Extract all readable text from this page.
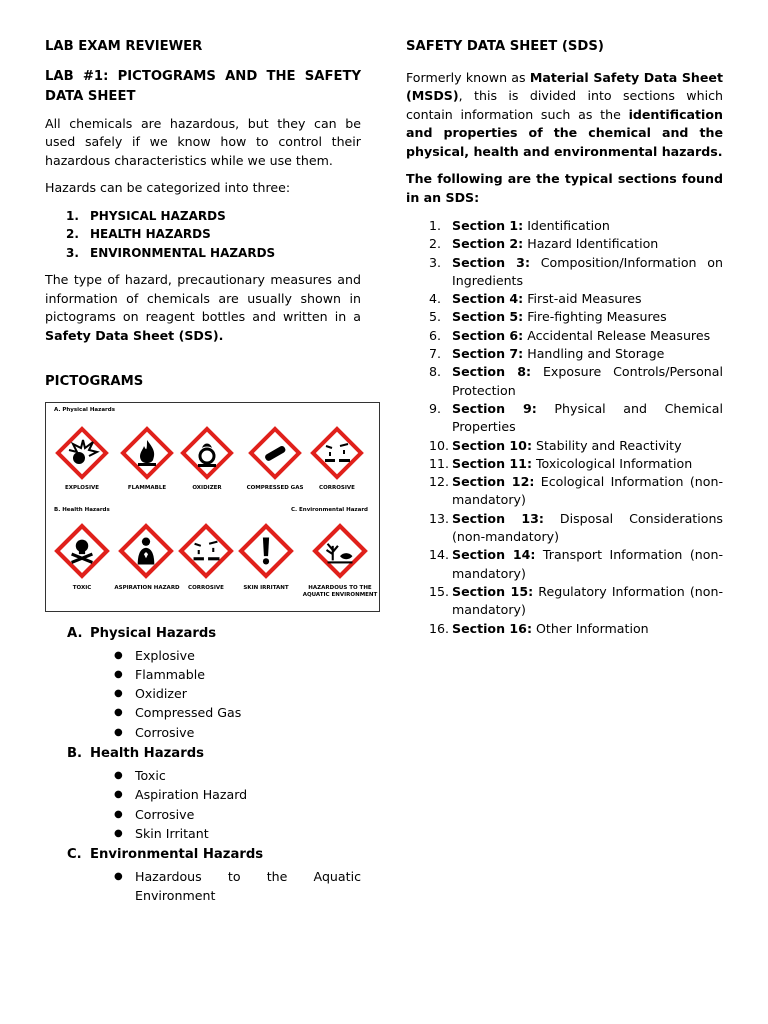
LAB EXAM REVIEWER
LAB #1: PICTOGRAMS AND THE SAFETY DATA SHEET

All chemicals are hazardous, but they can be used safely if we know how to control their hazardous characteristics while we use them.

Hazards can be categorized into three:

1. PHYSICAL HAZARDS
2. HEALTH HAZARDS
3. ENVIRONMENTAL HAZARDS

The type of hazard, precautionary measures and information of chemicals are usually shown in pictograms on reagent bottles and written in a Safety Data Sheet (SDS).

PICTOGRAMS
A. Physical Hazards
B. Health Hazards	C. Environmental Hazard
EXPLOSIVE	FLAMMABLE	OXIDIZER	COMPRESSED GAS	CORROSIVE
TOXIC	ASPIRATION HAZARD	CORROSIVE	SKIN IRRITANT	HAZARDOUS TO THE
AQUATIC ENVIRONMENT
A. Physical Hazards
● Explosive
● Flammable
● Oxidizer
● Compressed Gas
● Corrosive
B. Health Hazards
● Toxic
● Aspiration Hazard
● Corrosive
● Skin Irritant
C. Environmental Hazards
● Hazardous to the Aquatic Environment
SAFETY DATA SHEET (SDS)

Formerly known as Material Safety Data Sheet (MSDS), this is divided into sections which contain information such as the identification and properties of the chemical and the physical, health and environmental hazards.

The following are the typical sections found in an SDS:

1. Section 1: Identification
2. Section 2: Hazard Identification
3. Section 3: Composition/Information on Ingredients
4. Section 4: First-aid Measures
5. Section 5: Fire-fighting Measures
6. Section 6: Accidental Release Measures
7. Section 7: Handling and Storage
8. Section 8: Exposure Controls/Personal Protection
9. Section 9: Physical and Chemical Properties
10. Section 10: Stability and Reactivity
11. Section 11: Toxicological Information
12. Section 12: Ecological Information (non-mandatory)
13. Section 13: Disposal Considerations (non-mandatory)
14. Section 14: Transport Information (non-mandatory)
15. Section 15: Regulatory Information (non-mandatory)
16. Section 16: Other Information
